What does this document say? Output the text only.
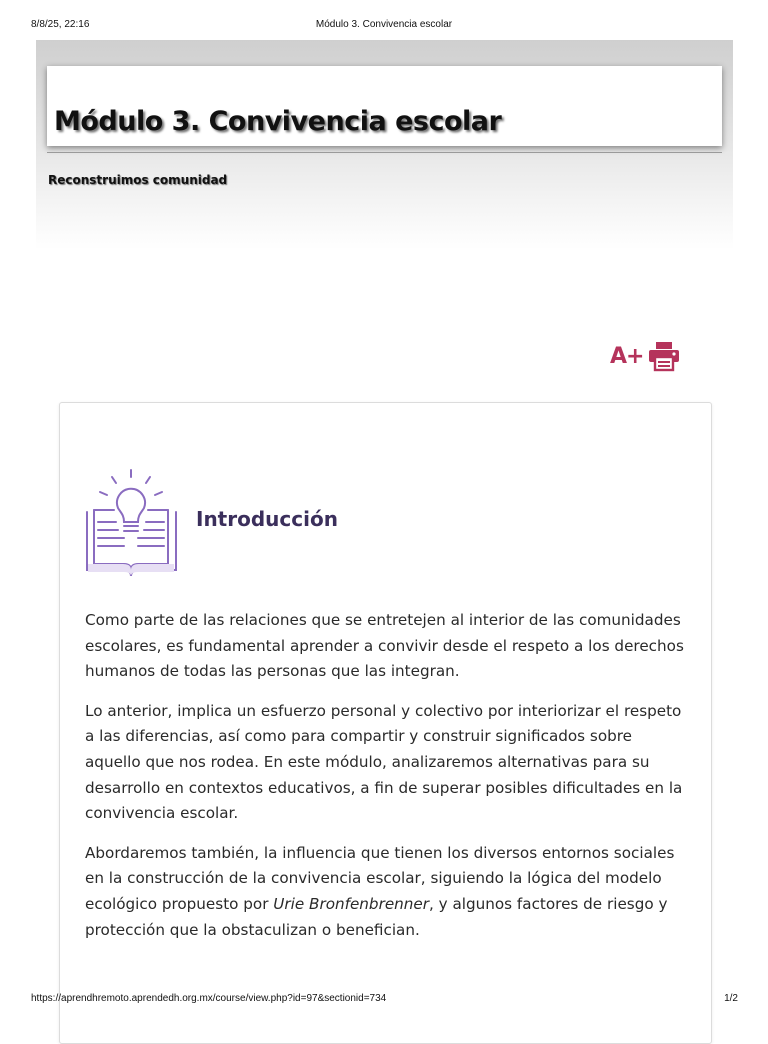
8/8/25, 22:16	Módulo 3. Convivencia escolar
Módulo 3. Convivencia escolar

Reconstruimos comunidad

A+
Introducción

Como parte de las relaciones que se entretejen al interior de las comunidades escolares, es fundamental aprender a convivir desde el respeto a los derechos humanos de todas las personas que las integran.

Lo anterior, implica un esfuerzo personal y colectivo por interiorizar el respeto a las diferencias, así como para compartir y construir significados sobre aquello que nos rodea. En este módulo, analizaremos alternativas para su desarrollo en contextos educativos, a fin de superar posibles dificultades en la convivencia escolar.

Abordaremos también, la influencia que tienen los diversos entornos sociales en la construcción de la convivencia escolar, siguiendo la lógica del modelo ecológico propuesto por Urie Bronfenbrenner, y algunos factores de riesgo y protección que la obstaculizan o benefician.

https://aprendhremoto.aprendedh.org.mx/course/view.php?id=97&sectionid=734	1/2
